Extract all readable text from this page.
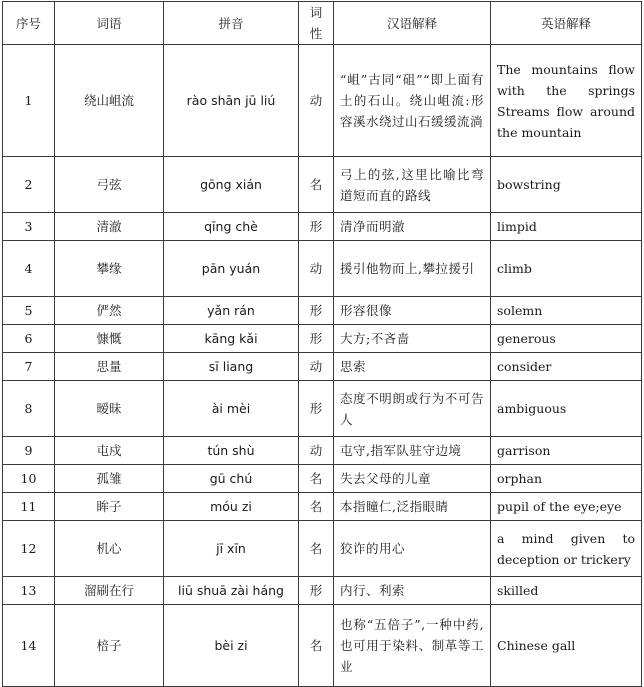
序号	词语	拼音	词性	汉语解释	英语解释
1	绕山岨流	rào shān jū liú	动	“岨”古同“砠”“即上面有土的石山。绕山岨流:形容溪水绕过山石缓缓流淌	The mountains flow with the springs Streams flow around the mountain
2	弓弦	gōng xián	名	弓上的弦,这里比喻比弯道短而直的路线	bowstring
3	清澈	qīng chè	形	清净而明澈	limpid
4	攀缘	pān yuán	动	援引他物而上,攀拉援引	climb
5	俨然	yǎn rán	形	形容很像	solemn
6	慷慨	kāng kǎi	形	大方;不吝啬	generous
7	思量	sī liang	动	思索	consider
8	暧昧	ài mèi	形	态度不明朗或行为不可告人	ambiguous
9	屯戍	tún shù	动	屯守,指军队驻守边境	garrison
10	孤雏	gū chú	名	失去父母的儿童	orphan
11	眸子	móu zi	名	本指瞳仁,泛指眼睛	pupil of the eye;eye
12	机心	jī xīn	名	狡诈的用心	a mind given to deception or trickery
13	溜刷在行	liū shuā zài háng	形	内行、利索	skilled
14	棓子	bèi zi	名	也称“五倍子”,一种中药,也可用于染料、制革等工业	Chinese gall
